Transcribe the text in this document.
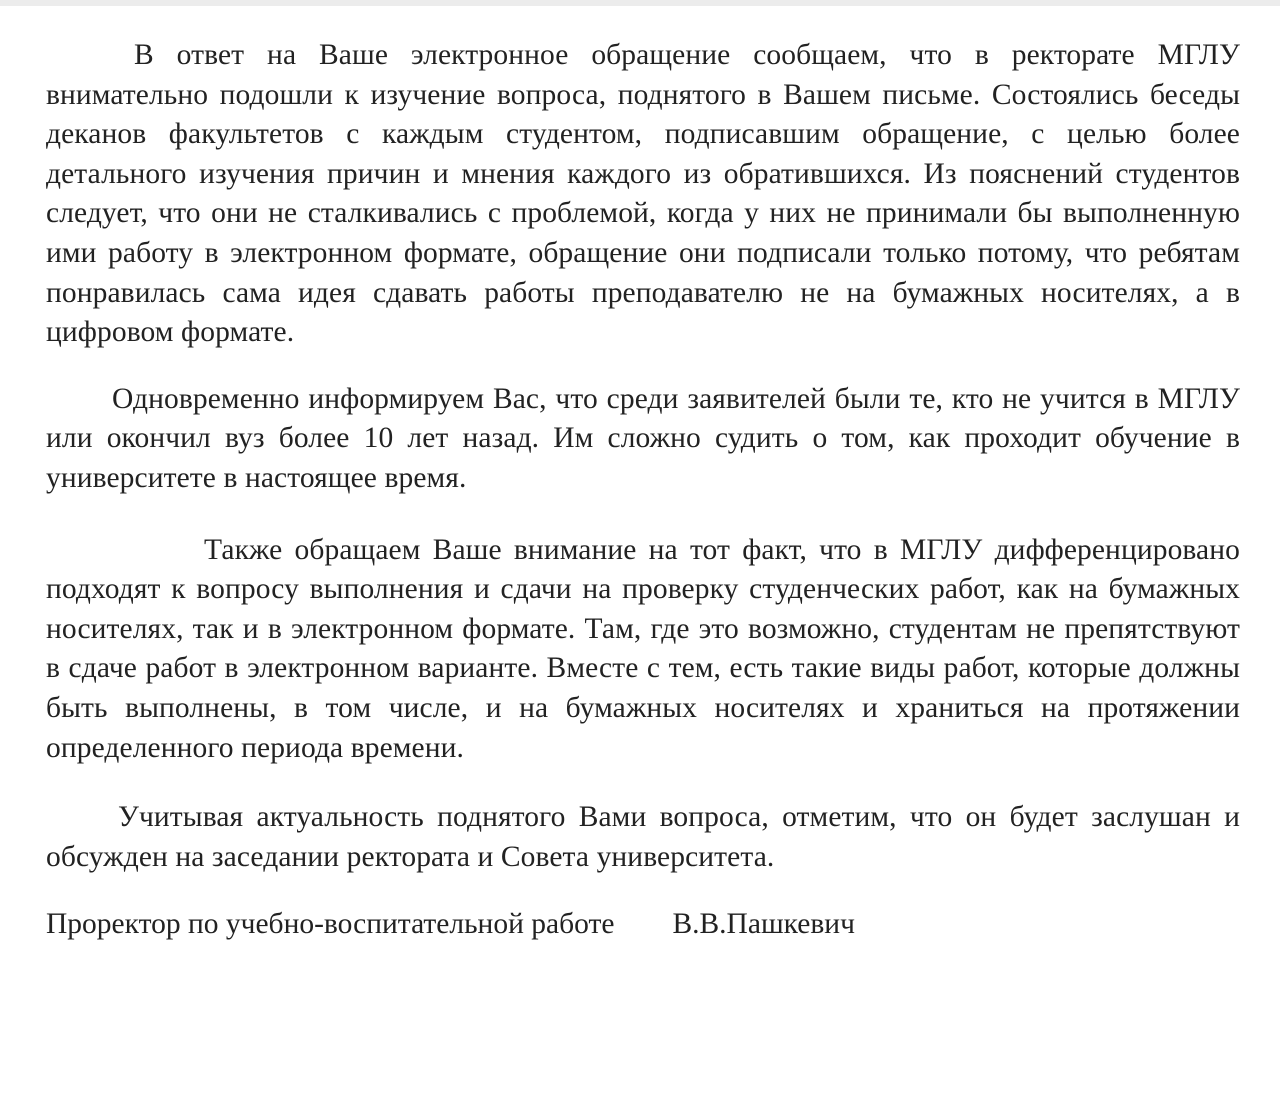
В ответ на Ваше электронное обращение сообщаем, что в ректорате МГЛУ внимательно подошли к изучение вопроса, поднятого в Вашем письме. Состоялись беседы деканов факультетов с каждым студентом, подписавшим обращение, с целью более детального изучения причин и мнения каждого из обратившихся. Из пояснений студентов следует, что они не сталкивались с проблемой, когда у них не принимали бы выполненную ими работу в электронном формате, обращение они подписали только потому, что ребятам понравилась сама идея сдавать работы преподавателю не на бумажных носителях, а в цифровом формате.

Одновременно информируем Вас, что среди заявителей были те, кто не учится в МГЛУ или окончил вуз более 10 лет назад. Им сложно судить о том, как проходит обучение в университете в настоящее время.

Также обращаем Ваше внимание на тот факт, что в МГЛУ дифференцировано подходят к вопросу выполнения и сдачи на проверку студенческих работ, как на бумажных носителях, так и в электронном формате. Там, где это возможно, студентам не препятствуют в сдаче работ в электронном варианте. Вместе с тем, есть такие виды работ, которые должны быть выполнены, в том числе, и на бумажных носителях и храниться на протяжении определенного периода времени.

Учитывая актуальность поднятого Вами вопроса, отметим, что он будет заслушан и обсужден на заседании ректората и Совета университета.

Проректор по учебно-воспитательной работе В.В.Пашкевич
